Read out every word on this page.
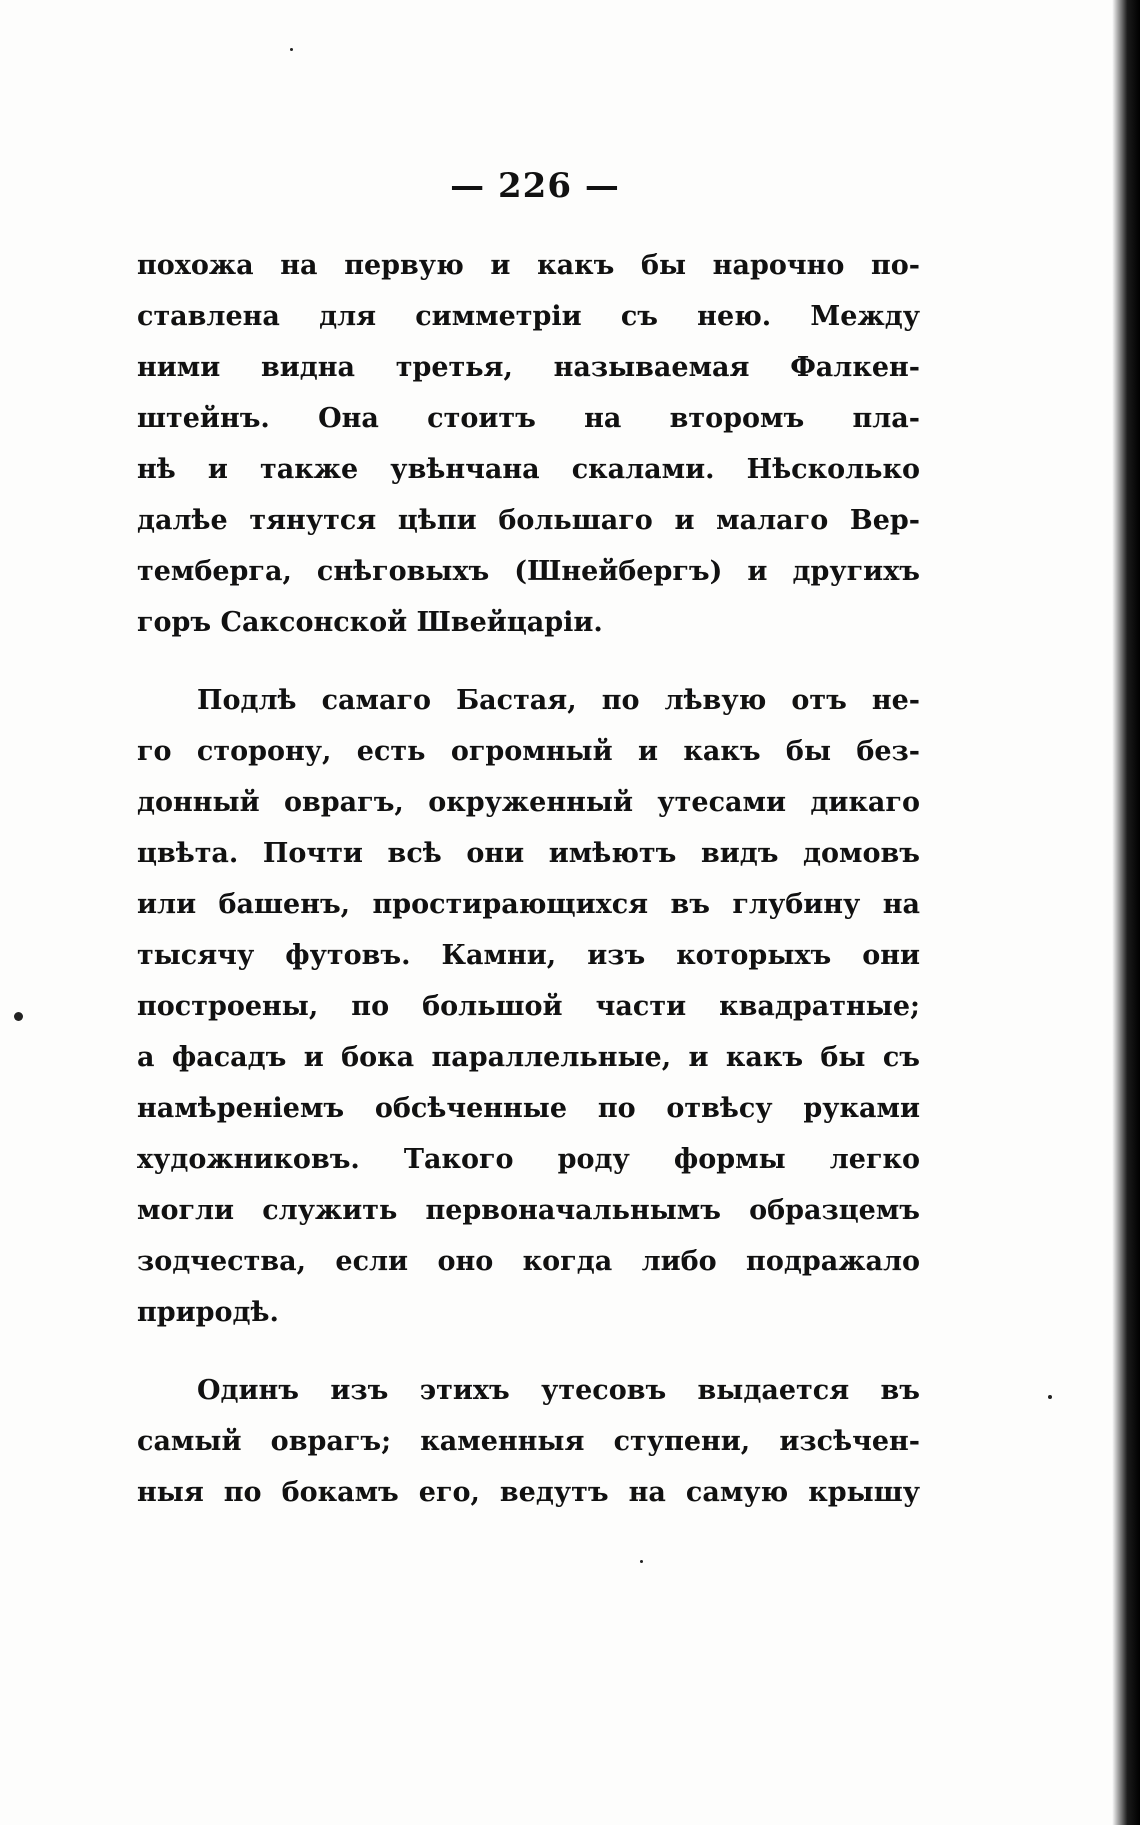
— 226 —
похожа на первую и какъ бы нарочно по-
ставлена для симметріи съ нею. Между
ними видна третья, называемая Фалкен-
штейнъ. Она стоитъ на второмъ пла-
нѣ и также увѣнчана скалами. Нѣсколько
далѣе тянутся цѣпи большаго и малаго Вер-
темберга, снѣговыхъ (Шнейбергъ) и другихъ
горъ Саксонской Швейцаріи.
Подлѣ самаго Бастая, по лѣвую отъ не-
го сторону, есть огромный и какъ бы без-
донный оврагъ, окруженный утесами дикаго
цвѣта. Почти всѣ они имѣютъ видъ домовъ
или башенъ, простирающихся въ глубину на
тысячу футовъ. Камни, изъ которыхъ они
построены, по большой части квадратные;
а фасадъ и бока параллельные, и какъ бы съ
намѣреніемъ обсѣченные по отвѣсу руками
художниковъ. Такого роду формы легко
могли служить первоначальнымъ образцемъ
зодчества, если оно когда либо подражало
природѣ.
Одинъ изъ этихъ утесовъ выдается въ
самый оврагъ; каменныя ступени, изсѣчен-
ныя по бокамъ его, ведутъ на самую крышу
